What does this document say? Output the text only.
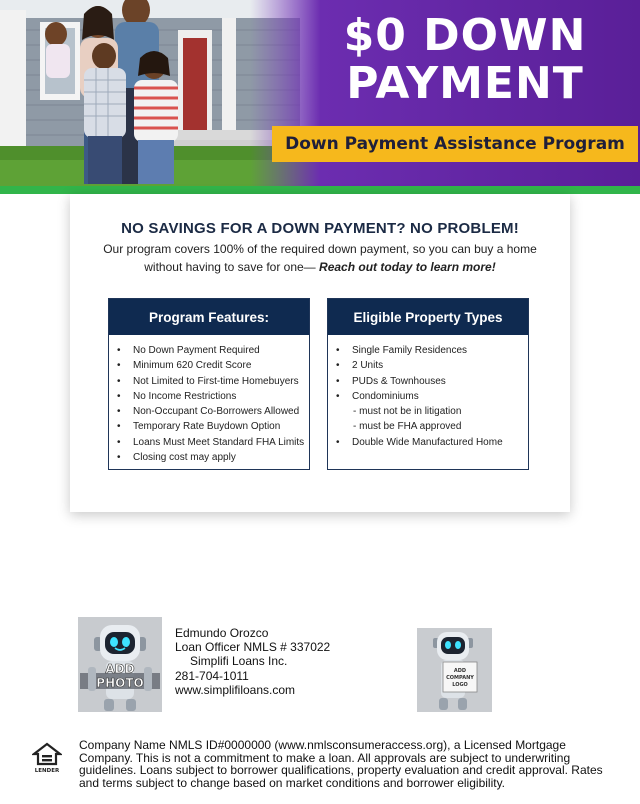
$0 DOWN
PAYMENT
Down Payment Assistance Program
NO SAVINGS FOR A DOWN PAYMENT? NO PROBLEM!
Our program covers 100% of the required down payment, so you can buy a home without having to save for one— Reach out today to learn more!
Program Features:
• No Down Payment Required
• Minimum 620 Credit Score
• Not Limited to First-time Homebuyers
• No Income Restrictions
• Non-Occupant Co-Borrowers Allowed
• Temporary Rate Buydown Option
• Loans Must Meet Standard FHA Limits
• Closing cost may apply
Eligible Property Types
• Single Family Residences
• 2 Units
• PUDs & Townhouses
• Condominiums
- must not be in litigation
- must be FHA approved
• Double Wide Manufactured Home
ADD
PHOTO
Edmundo Orozco
Loan Officer NMLS # 337022
Simplifi Loans Inc.
281-704-1011
www.simplifiloans.com
ADD
COMPANY
LOGO
LENDER
Company Name NMLS ID#0000000 (www.nmlsconsumeraccess.org), a Licensed Mortgage Company. This is not a commitment to make a loan. All approvals are subject to underwriting guidelines. Loans subject to borrower qualifications, property evaluation and credit approval. Rates and terms subject to change based on market conditions and borrower eligibility.
